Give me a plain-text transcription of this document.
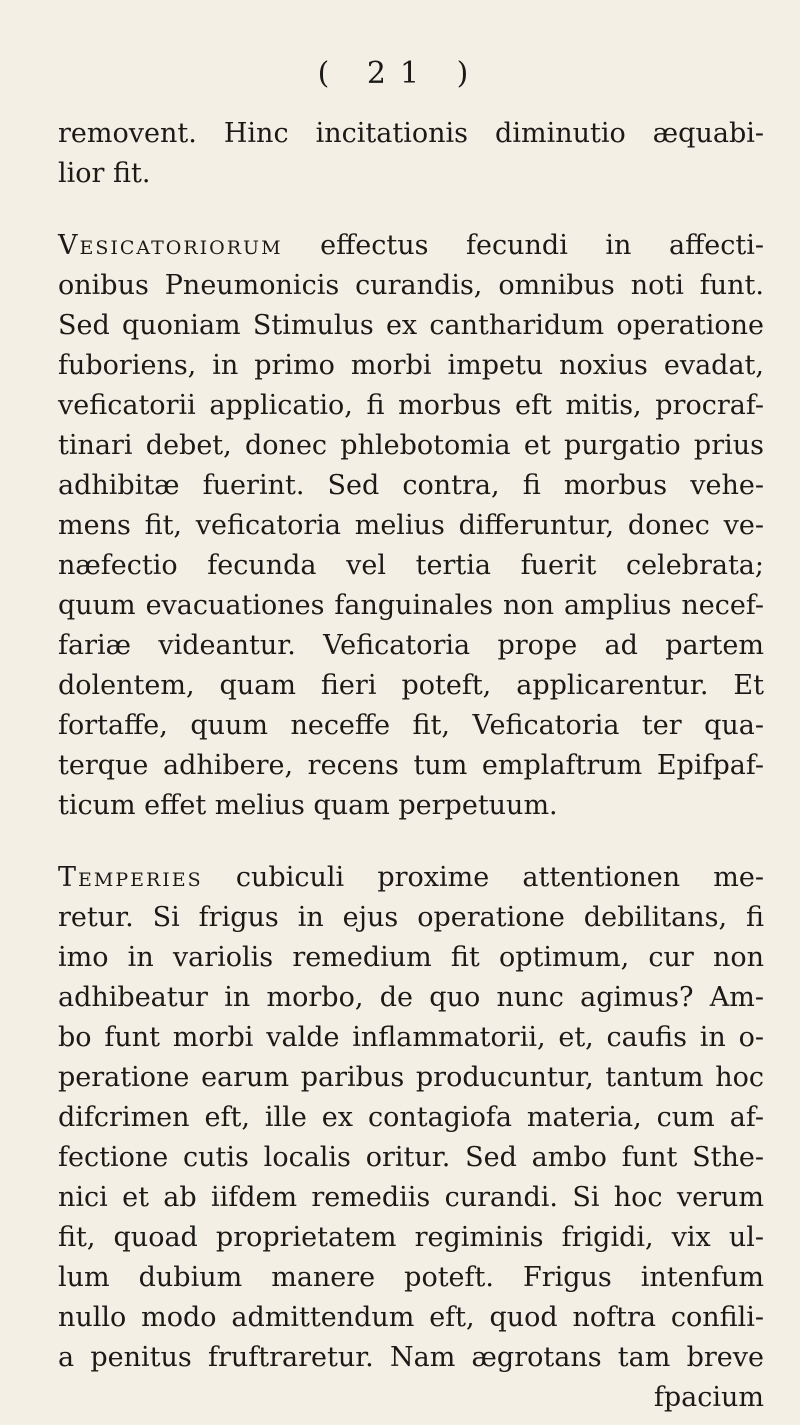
( 21 )
removent. Hinc incitationis diminutio æquabi-
lior fit.
Vesicatoriorum effectus fecundi in affecti-
onibus Pneumonicis curandis, omnibus noti funt.
Sed quoniam Stimulus ex cantharidum operatione
fuboriens, in primo morbi impetu noxius evadat,
veficatorii applicatio, fi morbus eft mitis, procraf-
tinari debet, donec phlebotomia et purgatio prius
adhibitæ fuerint. Sed contra, fi morbus vehe-
mens fit, veficatoria melius differuntur, donec ve-
næfectio fecunda vel tertia fuerit celebrata;
quum evacuationes fanguinales non amplius necef-
fariæ videantur. Veficatoria prope ad partem
dolentem, quam fieri poteft, applicarentur. Et
fortaffe, quum neceffe fit, Veficatoria ter qua-
terque adhibere, recens tum emplaftrum Epifpaf-
ticum effet melius quam perpetuum.
Temperies cubiculi proxime attentionen me-
retur. Si frigus in ejus operatione debilitans, fi
imo in variolis remedium fit optimum, cur non
adhibeatur in morbo, de quo nunc agimus? Am-
bo funt morbi valde inflammatorii, et, caufis in o-
peratione earum paribus producuntur, tantum hoc
difcrimen eft, ille ex contagiofa materia, cum af-
fectione cutis localis oritur. Sed ambo funt Sthe-
nici et ab iifdem remediis curandi. Si hoc verum
fit, quoad proprietatem regiminis frigidi, vix ul-
lum dubium manere poteft. Frigus intenfum
nullo modo admittendum eft, quod noftra confili-
a penitus fruftraretur. Nam ægrotans tam breve
fpacium
